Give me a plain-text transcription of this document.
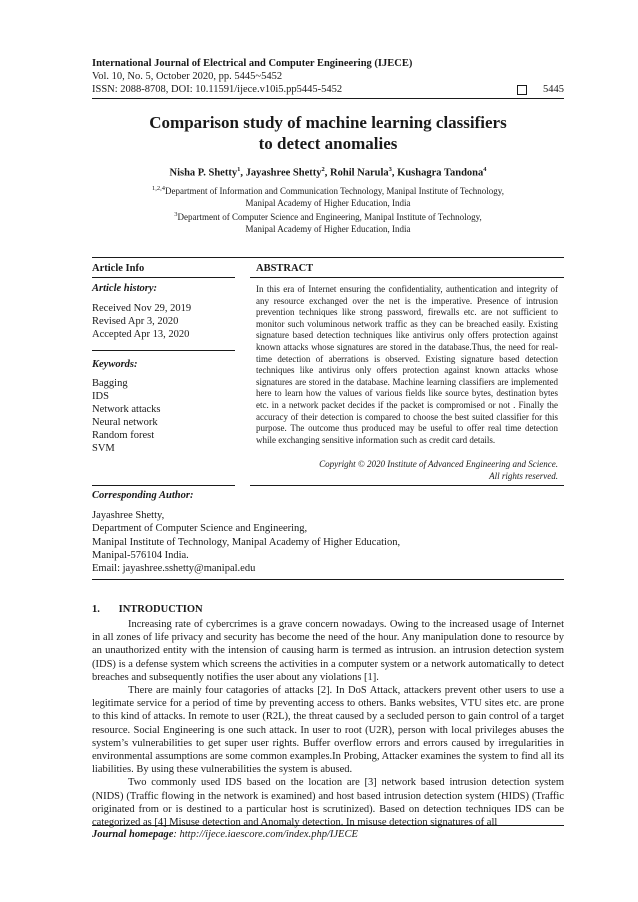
International Journal of Electrical and Computer Engineering (IJECE)
Vol. 10, No. 5, October 2020, pp. 5445~5452
ISSN: 2088-8708, DOI: 10.11591/ijece.v10i5.pp5445-5452	5445
Comparison study of machine learning classifiers
to detect anomalies
Nisha P. Shetty$^1$, Jayashree Shetty$^2$, Rohil Narula$^3$, Kushagra Tandona$^4$
$^{1,2,4}$Department of Information and Communication Technology, Manipal Institute of Technology,
Manipal Academy of Higher Education, India
$^3$Department of Computer Science and Engineering, Manipal Institute of Technology,
Manipal Academy of Higher Education, India
Article Info	ABSTRACT
Article history:
Received Nov 29, 2019
Revised Apr 3, 2020
Accepted Apr 13, 2020
Keywords:
Bagging
IDS
Network attacks
Neural network
Random forest
SVM
In this era of Internet ensuring the confidentiality, authentication and integrity of any resource exchanged over the net is the imperative. Presence of intrusion prevention techniques like strong password, firewalls etc. are not sufficient to monitor such voluminous network traffic as they can be breached easily. Existing signature based detection techniques like antivirus only offers protection against known attacks whose signatures are stored in the database.Thus, the need for real-time detection of aberrations is observed. Existing signature based detection techniques like antivirus only offers protection against known attacks whose signatures are stored in the database. Machine learning classifiers are implemented here to learn how the values of various fields like source bytes, destination bytes etc. in a network packet decides if the packet is compromised or not . Finally the accuracy of their detection is compared to choose the best suited classifier for this purpose. The outcome thus produced may be useful to offer real time detection while exchanging sensitive information such as credit card details.
Copyright © 2020 Institute of Advanced Engineering and Science.
All rights reserved.
Corresponding Author:
Jayashree Shetty,
Department of Computer Science and Engineering,
Manipal Institute of Technology, Manipal Academy of Higher Education,
Manipal-576104 India.
Email: jayashree.sshetty@manipal.edu
1. INTRODUCTION

Increasing rate of cybercrimes is a grave concern nowadays. Owing to the increased usage of Internet in all zones of life privacy and security has become the need of the hour. Any manipulation done to resource by an unauthorized entity with the intension of causing harm is termed as intrusion. an intrusion detection system (IDS) is a defense system which screens the activities in a computer system or a network automatically to detect breaches and subsequently notifies the user about any violations [1].

There are mainly four catagories of attacks [2]. In DoS Attack, attackers prevent other users to use a legitimate service for a period of time by preventing access to others. Banks websites, VTU sites etc. are prone to this kind of attacks. In remote to user (R2L), the threat caused by a secluded person to gain control of a target resource. Social Engineering is one such attack. In user to root (U2R), person with local privileges abuses the system’s vulnerabilities to get super user rights. Buffer overflow errors and errors caused by irregularities in environmental assumptions are some common examples.In Probing, Attacker examines the system to find all its liabilities. By using these vulnerabilities the system is abused.

Two commonly used IDS based on the location are [3] network based intrusion detection system (NIDS) (Traffic flowing in the network is examined) and host based intrusion detection system (HIDS) (Traffic originated from or is destined to a particular host is scrutinized). Based on detection techniques IDS can be categorized as [4] Misuse detection and Anomaly detection. In misuse detection signatures of all

Journal homepage: http://ijece.iaescore.com/index.php/IJECE
